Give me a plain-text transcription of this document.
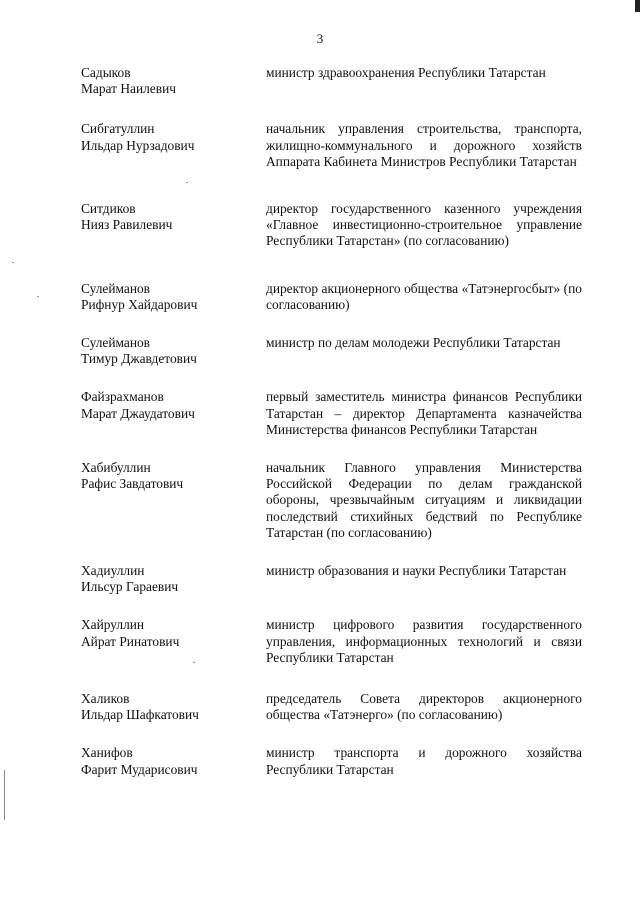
3
Садыков
Марат Наилевич
министр здравоохранения Республики Татарстан
Сибгатуллин
Ильдар Нурзадович
начальник управления строительства, транспорта, жилищно-коммунального и дорожного хозяйств Аппарата Кабинета Министров Республики Татарстан
Ситдиков
Нияз Равилевич
директор государственного казенного учреждения «Главное инвестиционно-строительное управление Республики Татарстан» (по согласованию)
Сулейманов
Рифнур Хайдарович
директор акционерного общества «Татэнергосбыт» (по согласованию)
Сулейманов
Тимур Джавдетович
министр по делам молодежи Республики Татарстан
Файзрахманов
Марат Джаудатович
первый заместитель министра финансов Республики Татарстан – директор Департамента казначейства Министерства финансов Республики Татарстан
Хабибуллин
Рафис Завдатович
начальник Главного управления Министерства Российской Федерации по делам гражданской обороны, чрезвычайным ситуациям и ликвидации последствий стихийных бедствий по Республике Татарстан (по согласованию)
Хадиуллин
Ильсур Гараевич
министр образования и науки Республики Татарстан
Хайруллин
Айрат Ринатович
министр цифрового развития государственного управления, информационных технологий и связи Республики Татарстан
Халиков
Ильдар Шафкатович
председатель Совета директоров акционерного общества «Татэнерго» (по согласованию)
Ханифов
Фарит Мударисович
министр транспорта и дорожного хозяйства Республики Татарстан
